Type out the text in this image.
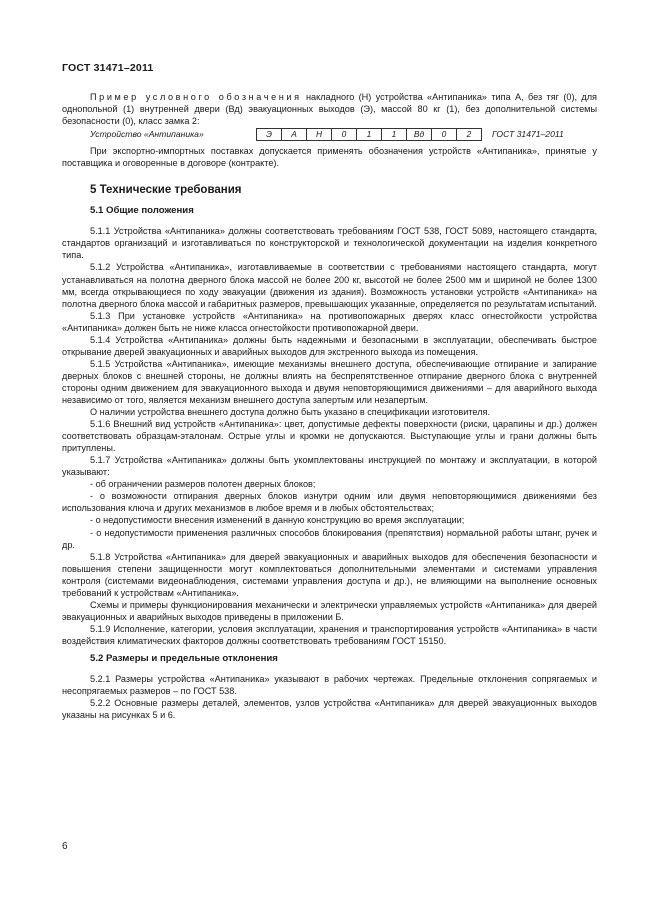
ГОСТ 31471–2011

Пример условного обозначения накладного (Н) устройства «Антипаника» типа А, без тяг (0), для однопольной (1) внутренней двери (Вд) эвакуационных выходов (Э), массой 80 кг (1), без дополнительной системы безопасности (0), класс замка 2:

Устройство «Антипаника»	Э	А	Н	0	1	1	Вд	0	2	ГОСТ 31471–2011

При экспортно-импортных поставках допускается применять обозначения устройств «Антипаника», принятые у поставщика и оговоренные в договоре (контракте).

5 Технические требования
5.1 Общие положения

5.1.1 Устройства «Антипаника» должны соответствовать требованиям ГОСТ 538, ГОСТ 5089, настоящего стандарта, стандартов организаций и изготавливаться по конструкторской и технологической документации на изделия конкретного типа.

5.1.2 Устройства «Антипаника», изготавливаемые в соответствии с требованиями настоящего стандарта, могут устанавливаться на полотна дверного блока массой не более 200 кг, высотой не более 2500 мм и шириной не более 1300 мм, всегда открывающиеся по ходу эвакуации (движения из здания). Возможность установки устройств «Антипаника» на полотна дверного блока массой и габаритных размеров, превышающих указанные, определяется по результатам испытаний.

5.1.3 При установке устройств «Антипаника» на противопожарных дверях класс огнестойкости устройства «Антипаника» должен быть не ниже класса огнестойкости противопожарной двери.

5.1.4 Устройства «Антипаника» должны быть надежными и безопасными в эксплуатации, обеспечивать быстрое открывание дверей эвакуационных и аварийных выходов для экстренного выхода из помещения.

5.1.5 Устройства «Антипаника», имеющие механизмы внешнего доступа, обеспечивающие отпирание и запирание дверных блоков с внешней стороны, не должны влиять на беспрепятственное отпирание дверного блока с внутренней стороны одним движением для эвакуационного выхода и двумя неповторяющимися движениями – для аварийного выхода независимо от того, является механизм внешнего доступа запертым или незапертым.

О наличии устройства внешнего доступа должно быть указано в спецификации изготовителя.

5.1.6 Внешний вид устройств «Антипаника»: цвет, допустимые дефекты поверхности (риски, царапины и др.) должен соответствовать образцам-эталонам. Острые углы и кромки не допускаются. Выступающие углы и грани должны быть притуплены.

5.1.7 Устройства «Антипаника» должны быть укомплектованы инструкцией по монтажу и эксплуатации, в которой указывают:

- об ограничении размеров полотен дверных блоков;

- о возможности отпирания дверных блоков изнутри одним или двумя неповторяющимися движениями без использования ключа и других механизмов в любое время и в любых обстоятельствах;

- о недопустимости внесения изменений в данную конструкцию во время эксплуатации;

- о недопустимости применения различных способов блокирования (препятствия) нормальной работы штанг, ручек и др.

5.1.8 Устройства «Антипаника» для дверей эвакуационных и аварийных выходов для обеспечения безопасности и повышения степени защищенности могут комплектоваться дополнительными элементами и системами управления контроля (системами видеонаблюдения, системами управления доступа и др.), не влияющими на выполнение основных требований к устройствам «Антипаника».

Схемы и примеры функционирования механически и электрически управляемых устройств «Антипаника» для дверей эвакуационных и аварийных выходов приведены в приложении Б.

5.1.9 Исполнение, категории, условия эксплуатации, хранения и транспортирования устройств «Антипаника» в части воздействия климатических факторов должны соответствовать требованиям ГОСТ 15150.

5.2 Размеры и предельные отклонения

5.2.1 Размеры устройства «Антипаника» указывают в рабочих чертежах. Предельные отклонения сопрягаемых и несопрягаемых размеров – по ГОСТ 538.

5.2.2 Основные размеры деталей, элементов, узлов устройства «Антипаника» для дверей эвакуационных выходов указаны на рисунках 5 и 6.

6
